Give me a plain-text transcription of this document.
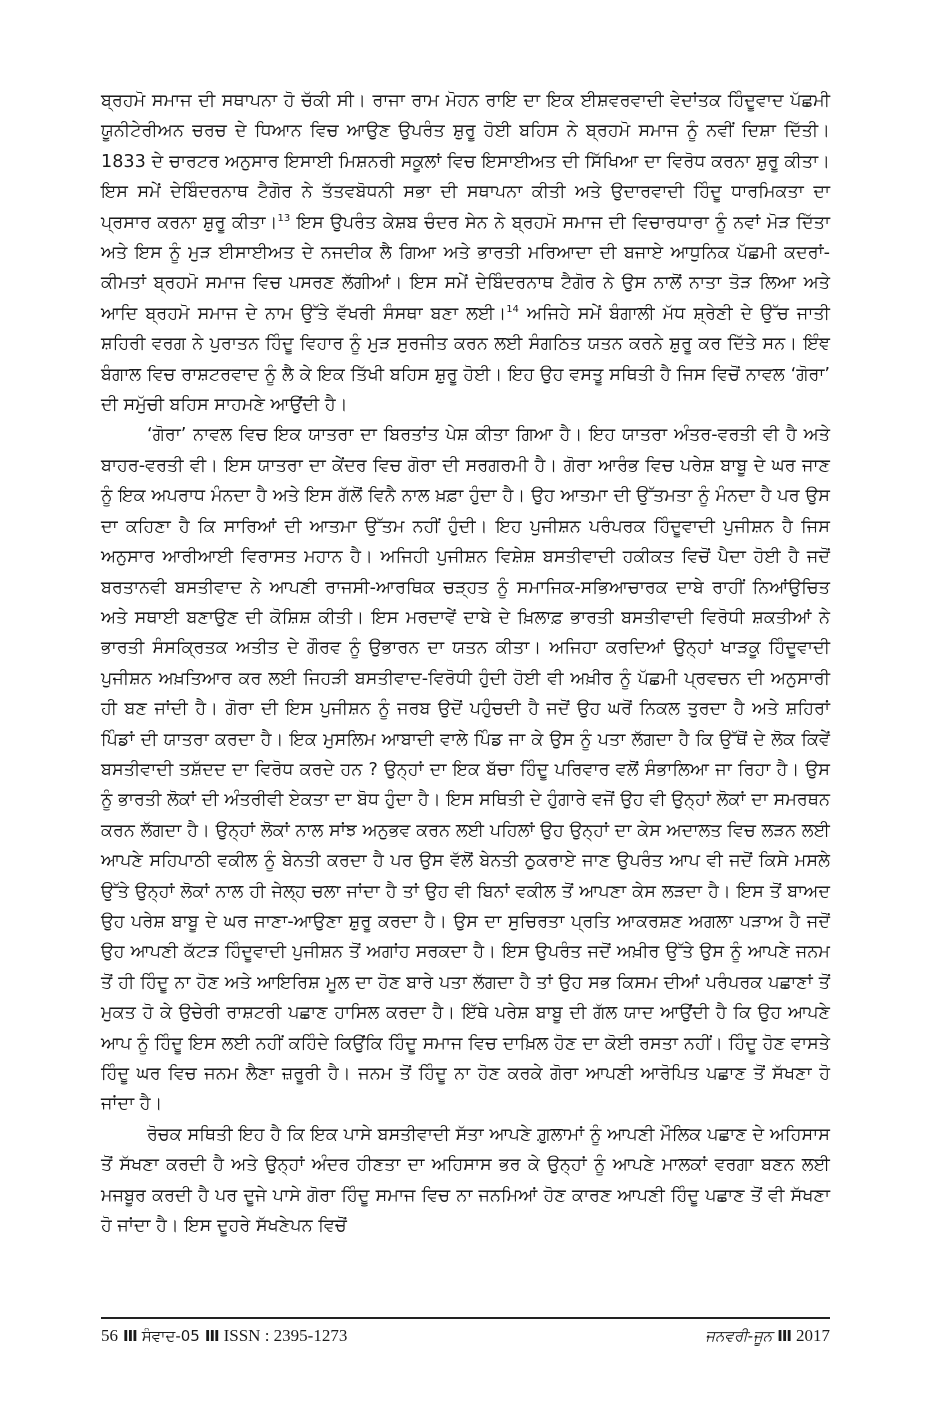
ਬ੍ਰਹਮੋ ਸਮਾਜ ਦੀ ਸਥਾਪਨਾ ਹੋ ਚੱਕੀ ਸੀ। ਰਾਜਾ ਰਾਮ ਮੋਹਨ ਰਾਇ ਦਾ ਇਕ ਈਸ਼ਵਰਵਾਦੀ ਵੇਦਾਂਤਕ ਹਿੰਦੂਵਾਦ ਪੱਛਮੀ ਯੂਨੀਟੇਰੀਅਨ ਚਰਚ ਦੇ ਧਿਆਨ ਵਿਚ ਆਉਣ ਉਪਰੰਤ ਸ਼ੁਰੂ ਹੋਈ ਬਹਿਸ ਨੇ ਬ੍ਰਹਮੋ ਸਮਾਜ ਨੂੰ ਨਵੀਂ ਦਿਸ਼ਾ ਦਿੱਤੀ। 1833 ਦੇ ਚਾਰਟਰ ਅਨੁਸਾਰ ਇਸਾਈ ਮਿਸ਼ਨਰੀ ਸਕੂਲਾਂ ਵਿਚ ਇਸਾਈਅਤ ਦੀ ਸਿੱਖਿਆ ਦਾ ਵਿਰੋਧ ਕਰਨਾ ਸ਼ੁਰੂ ਕੀਤਾ। ਇਸ ਸਮੇਂ ਦੇਬਿੰਦਰਨਾਥ ਟੈਗੋਰ ਨੇ ਤੱਤਵਬੋਧਨੀ ਸਭਾ ਦੀ ਸਥਾਪਨਾ ਕੀਤੀ ਅਤੇ ਉਦਾਰਵਾਦੀ ਹਿੰਦੂ ਧਾਰਮਿਕਤਾ ਦਾ ਪ੍ਰਸਾਰ ਕਰਨਾ ਸ਼ੁਰੂ ਕੀਤਾ।$^{13}$ ਇਸ ਉਪਰੰਤ ਕੇਸ਼ਬ ਚੰਦਰ ਸੇਨ ਨੇ ਬ੍ਰਹਮੋ ਸਮਾਜ ਦੀ ਵਿਚਾਰਧਾਰਾ ਨੂੰ ਨਵਾਂ ਮੋੜ ਦਿੱਤਾ ਅਤੇ ਇਸ ਨੂੰ ਮੁੜ ਈਸਾਈਅਤ ਦੇ ਨਜਦੀਕ ਲੈ ਗਿਆ ਅਤੇ ਭਾਰਤੀ ਮਰਿਆਦਾ ਦੀ ਬਜਾਏ ਆਧੁਨਿਕ ਪੱਛਮੀ ਕਦਰਾਂ-ਕੀਮਤਾਂ ਬ੍ਰਹਮੋ ਸਮਾਜ ਵਿਚ ਪਸਰਣ ਲੱਗੀਆਂ। ਇਸ ਸਮੇਂ ਦੇਬਿੰਦਰਨਾਥ ਟੈਗੋਰ ਨੇ ਉਸ ਨਾਲੋਂ ਨਾਤਾ ਤੋੜ ਲਿਆ ਅਤੇ ਆਦਿ ਬ੍ਰਹਮੋ ਸਮਾਜ ਦੇ ਨਾਮ ਉੱਤੇ ਵੱਖਰੀ ਸੰਸਥਾ ਬਣਾ ਲਈ।$^{14}$ ਅਜਿਹੇ ਸਮੇਂ ਬੰਗਾਲੀ ਮੱਧ ਸ਼੍ਰੇਣੀ ਦੇ ਉੱਚ ਜਾਤੀ ਸ਼ਹਿਰੀ ਵਰਗ ਨੇ ਪੁਰਾਤਨ ਹਿੰਦੂ ਵਿਹਾਰ ਨੂੰ ਮੁੜ ਸੁਰਜੀਤ ਕਰਨ ਲਈ ਸੰਗਠਿਤ ਯਤਨ ਕਰਨੇ ਸ਼ੁਰੂ ਕਰ ਦਿੱਤੇ ਸਨ। ਇੰਞ ਬੰਗਾਲ ਵਿਚ ਰਾਸ਼ਟਰਵਾਦ ਨੂੰ ਲੈ ਕੇ ਇਕ ਤਿੱਖੀ ਬਹਿਸ ਸ਼ੁਰੂ ਹੋਈ। ਇਹ ਉਹ ਵਸਤੂ ਸਥਿਤੀ ਹੈ ਜਿਸ ਵਿਚੋਂ ਨਾਵਲ ‘ਗੋਰਾ’ ਦੀ ਸਮੁੱਚੀ ਬਹਿਸ ਸਾਹਮਣੇ ਆਉਂਦੀ ਹੈ।

‘ਗੋਰਾ’ ਨਾਵਲ ਵਿਚ ਇਕ ਯਾਤਰਾ ਦਾ ਬਿਰਤਾਂਤ ਪੇਸ਼ ਕੀਤਾ ਗਿਆ ਹੈ। ਇਹ ਯਾਤਰਾ ਅੰਤਰ-ਵਰਤੀ ਵੀ ਹੈ ਅਤੇ ਬਾਹਰ-ਵਰਤੀ ਵੀ। ਇਸ ਯਾਤਰਾ ਦਾ ਕੇਂਦਰ ਵਿਚ ਗੋਰਾ ਦੀ ਸਰਗਰਮੀ ਹੈ। ਗੋਰਾ ਆਰੰਭ ਵਿਚ ਪਰੇਸ਼ ਬਾਬੂ ਦੇ ਘਰ ਜਾਣ ਨੂੰ ਇਕ ਅਪਰਾਧ ਮੰਨਦਾ ਹੈ ਅਤੇ ਇਸ ਗੱਲੋਂ ਵਿਨੈ ਨਾਲ ਖ਼ਫ਼ਾ ਹੁੰਦਾ ਹੈ। ਉਹ ਆਤਮਾ ਦੀ ਉੱਤਮਤਾ ਨੂੰ ਮੰਨਦਾ ਹੈ ਪਰ ਉਸ ਦਾ ਕਹਿਣਾ ਹੈ ਕਿ ਸਾਰਿਆਂ ਦੀ ਆਤਮਾ ਉੱਤਮ ਨਹੀਂ ਹੁੰਦੀ। ਇਹ ਪੁਜੀਸ਼ਨ ਪਰੰਪਰਕ ਹਿੰਦੂਵਾਦੀ ਪੁਜੀਸ਼ਨ ਹੈ ਜਿਸ ਅਨੁਸਾਰ ਆਰੀਆਈ ਵਿਰਾਸਤ ਮਹਾਨ ਹੈ। ਅਜਿਹੀ ਪੁਜੀਸ਼ਨ ਵਿਸ਼ੇਸ਼ ਬਸਤੀਵਾਦੀ ਹਕੀਕਤ ਵਿਚੋਂ ਪੈਦਾ ਹੋਈ ਹੈ ਜਦੋਂ ਬਰਤਾਨਵੀ ਬਸਤੀਵਾਦ ਨੇ ਆਪਣੀ ਰਾਜਸੀ-ਆਰਥਿਕ ਚੜ੍ਹਤ ਨੂੰ ਸਮਾਜਿਕ-ਸਭਿਆਚਾਰਕ ਦਾਬੇ ਰਾਹੀਂ ਨਿਆਂਉਚਿਤ ਅਤੇ ਸਥਾਈ ਬਣਾਉਣ ਦੀ ਕੋਸ਼ਿਸ਼ ਕੀਤੀ। ਇਸ ਮਰਦਾਵੇਂ ਦਾਬੇ ਦੇ ਖ਼ਿਲਾਫ਼ ਭਾਰਤੀ ਬਸਤੀਵਾਦੀ ਵਿਰੋਧੀ ਸ਼ਕਤੀਆਂ ਨੇ ਭਾਰਤੀ ਸੰਸਕ੍ਰਿਤਕ ਅਤੀਤ ਦੇ ਗੌਰਵ ਨੂੰ ਉਭਾਰਨ ਦਾ ਯਤਨ ਕੀਤਾ। ਅਜਿਹਾ ਕਰਦਿਆਂ ਉਨ੍ਹਾਂ ਖਾੜਕੂ ਹਿੰਦੂਵਾਦੀ ਪੁਜੀਸ਼ਨ ਅਖ਼ਤਿਆਰ ਕਰ ਲਈ ਜਿਹੜੀ ਬਸਤੀਵਾਦ-ਵਿਰੋਧੀ ਹੁੰਦੀ ਹੋਈ ਵੀ ਅਖ਼ੀਰ ਨੂੰ ਪੱਛਮੀ ਪ੍ਰਵਚਨ ਦੀ ਅਨੁਸਾਰੀ ਹੀ ਬਣ ਜਾਂਦੀ ਹੈ। ਗੋਰਾ ਦੀ ਇਸ ਪੁਜੀਸ਼ਨ ਨੂੰ ਜਰਬ ਉਦੋਂ ਪਹੁੰਚਦੀ ਹੈ ਜਦੋਂ ਉਹ ਘਰੋਂ ਨਿਕਲ ਤੁਰਦਾ ਹੈ ਅਤੇ ਸ਼ਹਿਰਾਂ ਪਿੰਡਾਂ ਦੀ ਯਾਤਰਾ ਕਰਦਾ ਹੈ। ਇਕ ਮੁਸਲਿਮ ਆਬਾਦੀ ਵਾਲੇ ਪਿੰਡ ਜਾ ਕੇ ਉਸ ਨੂੰ ਪਤਾ ਲੱਗਦਾ ਹੈ ਕਿ ਉੱਥੋਂ ਦੇ ਲੋਕ ਕਿਵੇਂ ਬਸਤੀਵਾਦੀ ਤਸ਼ੱਦਦ ਦਾ ਵਿਰੋਧ ਕਰਦੇ ਹਨ ? ਉਨ੍ਹਾਂ ਦਾ ਇਕ ਬੱਚਾ ਹਿੰਦੂ ਪਰਿਵਾਰ ਵਲੋਂ ਸੰਭਾਲਿਆ ਜਾ ਰਿਹਾ ਹੈ। ਉਸ ਨੂੰ ਭਾਰਤੀ ਲੋਕਾਂ ਦੀ ਅੰਤਰੀਵੀ ਏਕਤਾ ਦਾ ਬੋਧ ਹੁੰਦਾ ਹੈ। ਇਸ ਸਥਿਤੀ ਦੇ ਹੁੰਗਾਰੇ ਵਜੋਂ ਉਹ ਵੀ ਉਨ੍ਹਾਂ ਲੋਕਾਂ ਦਾ ਸਮਰਥਨ ਕਰਨ ਲੱਗਦਾ ਹੈ। ਉਨ੍ਹਾਂ ਲੋਕਾਂ ਨਾਲ ਸਾਂਝ ਅਨੁਭਵ ਕਰਨ ਲਈ ਪਹਿਲਾਂ ਉਹ ਉਨ੍ਹਾਂ ਦਾ ਕੇਸ ਅਦਾਲਤ ਵਿਚ ਲੜਨ ਲਈ ਆਪਣੇ ਸਹਿਪਾਠੀ ਵਕੀਲ ਨੂੰ ਬੇਨਤੀ ਕਰਦਾ ਹੈ ਪਰ ਉਸ ਵੱਲੋਂ ਬੇਨਤੀ ਠੁਕਰਾਏ ਜਾਣ ਉਪਰੰਤ ਆਪ ਵੀ ਜਦੋਂ ਕਿਸੇ ਮਸਲੇ ਉੱਤੇ ਉਨ੍ਹਾਂ ਲੋਕਾਂ ਨਾਲ ਹੀ ਜੇਲ੍ਹ ਚਲਾ ਜਾਂਦਾ ਹੈ ਤਾਂ ਉਹ ਵੀ ਬਿਨਾਂ ਵਕੀਲ ਤੋਂ ਆਪਣਾ ਕੇਸ ਲੜਦਾ ਹੈ। ਇਸ ਤੋਂ ਬਾਅਦ ਉਹ ਪਰੇਸ਼ ਬਾਬੂ ਦੇ ਘਰ ਜਾਣਾ-ਆਉਣਾ ਸ਼ੁਰੂ ਕਰਦਾ ਹੈ। ਉਸ ਦਾ ਸੁਚਿਰਤਾ ਪ੍ਰਤਿ ਆਕਰਸ਼ਣ ਅਗਲਾ ਪੜਾਅ ਹੈ ਜਦੋਂ ਉਹ ਆਪਣੀ ਕੱਟੜ ਹਿੰਦੂਵਾਦੀ ਪੁਜੀਸ਼ਨ ਤੋਂ ਅਗਾਂਹ ਸਰਕਦਾ ਹੈ। ਇਸ ਉਪਰੰਤ ਜਦੋਂ ਅਖ਼ੀਰ ਉੱਤੇ ਉਸ ਨੂੰ ਆਪਣੇ ਜਨਮ ਤੋਂ ਹੀ ਹਿੰਦੂ ਨਾ ਹੋਣ ਅਤੇ ਆਇਰਿਸ਼ ਮੂਲ ਦਾ ਹੋਣ ਬਾਰੇ ਪਤਾ ਲੱਗਦਾ ਹੈ ਤਾਂ ਉਹ ਸਭ ਕਿਸਮ ਦੀਆਂ ਪਰੰਪਰਕ ਪਛਾਣਾਂ ਤੋਂ ਮੁਕਤ ਹੋ ਕੇ ਉਚੇਰੀ ਰਾਸ਼ਟਰੀ ਪਛਾਣ ਹਾਸਿਲ ਕਰਦਾ ਹੈ। ਇੱਥੇ ਪਰੇਸ਼ ਬਾਬੂ ਦੀ ਗੱਲ ਯਾਦ ਆਉਂਦੀ ਹੈ ਕਿ ਉਹ ਆਪਣੇ ਆਪ ਨੂੰ ਹਿੰਦੂ ਇਸ ਲਈ ਨਹੀਂ ਕਹਿੰਦੇ ਕਿਉਂਕਿ ਹਿੰਦੂ ਸਮਾਜ ਵਿਚ ਦਾਖ਼ਿਲ ਹੋਣ ਦਾ ਕੋਈ ਰਸਤਾ ਨਹੀਂ। ਹਿੰਦੂ ਹੋਣ ਵਾਸਤੇ ਹਿੰਦੂ ਘਰ ਵਿਚ ਜਨਮ ਲੈਣਾ ਜ਼ਰੂਰੀ ਹੈ। ਜਨਮ ਤੋਂ ਹਿੰਦੂ ਨਾ ਹੋਣ ਕਰਕੇ ਗੋਰਾ ਆਪਣੀ ਆਰੋਪਿਤ ਪਛਾਣ ਤੋਂ ਸੱਖਣਾ ਹੋ ਜਾਂਦਾ ਹੈ।

ਰੋਚਕ ਸਥਿਤੀ ਇਹ ਹੈ ਕਿ ਇਕ ਪਾਸੇ ਬਸਤੀਵਾਦੀ ਸੱਤਾ ਆਪਣੇ ਗ਼ੁਲਾਮਾਂ ਨੂੰ ਆਪਣੀ ਮੌਲਿਕ ਪਛਾਣ ਦੇ ਅਹਿਸਾਸ ਤੋਂ ਸੱਖਣਾ ਕਰਦੀ ਹੈ ਅਤੇ ਉਨ੍ਹਾਂ ਅੰਦਰ ਹੀਣਤਾ ਦਾ ਅਹਿਸਾਸ ਭਰ ਕੇ ਉਨ੍ਹਾਂ ਨੂੰ ਆਪਣੇ ਮਾਲਕਾਂ ਵਰਗਾ ਬਣਨ ਲਈ ਮਜਬੂਰ ਕਰਦੀ ਹੈ ਪਰ ਦੂਜੇ ਪਾਸੇ ਗੋਰਾ ਹਿੰਦੂ ਸਮਾਜ ਵਿਚ ਨਾ ਜਨਮਿਆਂ ਹੋਣ ਕਾਰਣ ਆਪਣੀ ਹਿੰਦੂ ਪਛਾਣ ਤੋਂ ਵੀ ਸੱਖਣਾ ਹੋ ਜਾਂਦਾ ਹੈ। ਇਸ ਦੂਹਰੇ ਸੱਖਣੇਪਨ ਵਿਚੋਂ

56 III ਸੰਵਾਦ-05 III ISSN : 2395-1273	ਜਨਵਰੀ-ਜੂਨ III 2017
